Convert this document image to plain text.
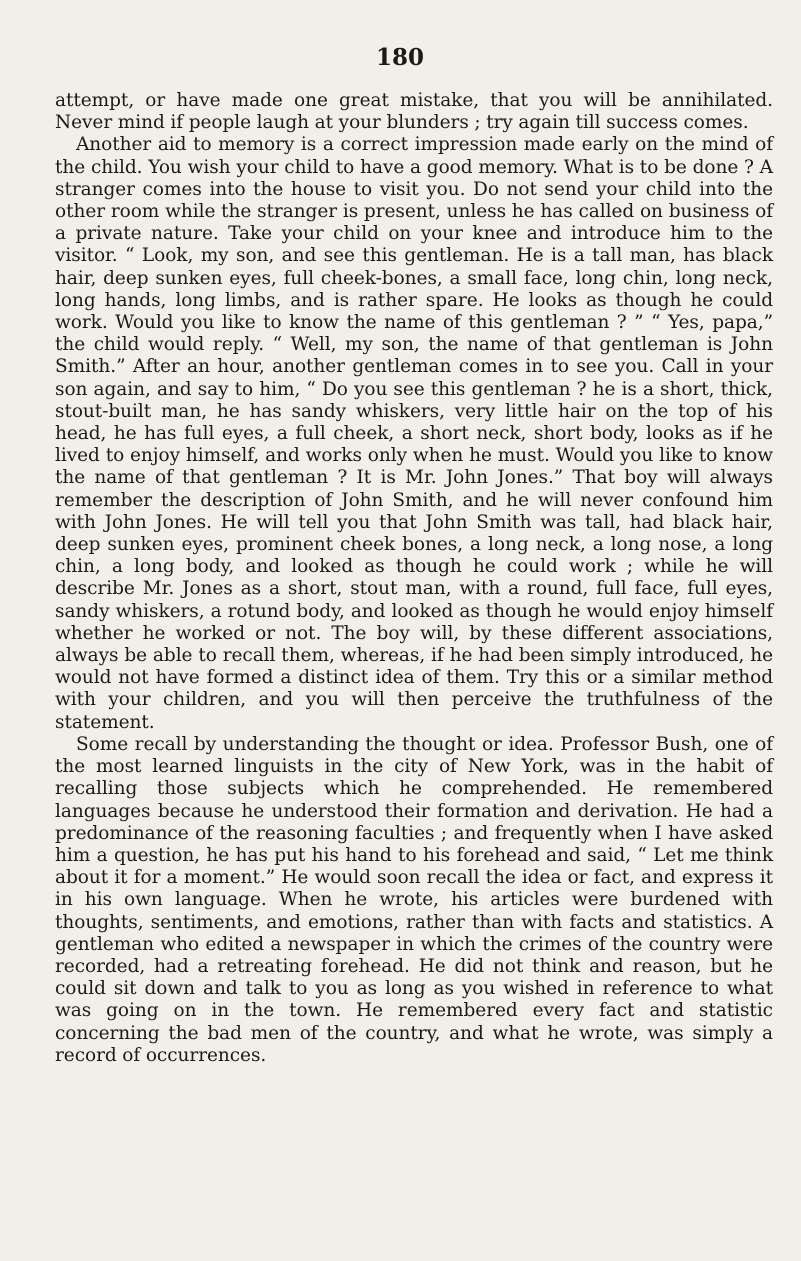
180

attempt, or have made one great mistake, that you will be annihilated. Never mind if people laugh at your blunders ; try again till success comes.

Another aid to memory is a correct impression made early on the mind of the child. You wish your child to have a good memory. What is to be done ? A stranger comes into the house to visit you. Do not send your child into the other room while the stranger is present, unless he has called on business of a private nature. Take your child on your knee and introduce him to the visitor. “ Look, my son, and see this gentleman. He is a tall man, has black hair, deep sunken eyes, full cheek-bones, a small face, long chin, long neck, long hands, long limbs, and is rather spare. He looks as though he could work. Would you like to know the name of this gentleman ? ” “ Yes, papa,” the child would reply. “ Well, my son, the name of that gentleman is John Smith.” After an hour, another gentleman comes in to see you. Call in your son again, and say to him, “ Do you see this gentleman ? he is a short, thick, stout-built man, he has sandy whiskers, very little hair on the top of his head, he has full eyes, a full cheek, a short neck, short body, looks as if he lived to enjoy himself, and works only when he must. Would you like to know the name of that gentleman ? It is Mr. John Jones.” That boy will always remember the description of John Smith, and he will never confound him with John Jones. He will tell you that John Smith was tall, had black hair, deep sunken eyes, prominent cheek bones, a long neck, a long nose, a long chin, a long body, and looked as though he could work ; while he will describe Mr. Jones as a short, stout man, with a round, full face, full eyes, sandy whiskers, a rotund body, and looked as though he would enjoy himself whether he worked or not. The boy will, by these different associations, always be able to recall them, whereas, if he had been simply introduced, he would not have formed a distinct idea of them. Try this or a similar method with your children, and you will then perceive the truthfulness of the statement.

Some recall by understanding the thought or idea. Professor Bush, one of the most learned linguists in the city of New York, was in the habit of recalling those subjects which he comprehended. He remembered languages because he understood their formation and derivation. He had a predominance of the reasoning faculties ; and frequently when I have asked him a question, he has put his hand to his forehead and said, “ Let me think about it for a moment.” He would soon recall the idea or fact, and express it in his own language. When he wrote, his articles were burdened with thoughts, sentiments, and emotions, rather than with facts and statistics. A gentleman who edited a newspaper in which the crimes of the country were recorded, had a retreating forehead. He did not think and reason, but he could sit down and talk to you as long as you wished in reference to what was going on in the town. He remembered every fact and statistic concerning the bad men of the country, and what he wrote, was simply a record of occurrences.
